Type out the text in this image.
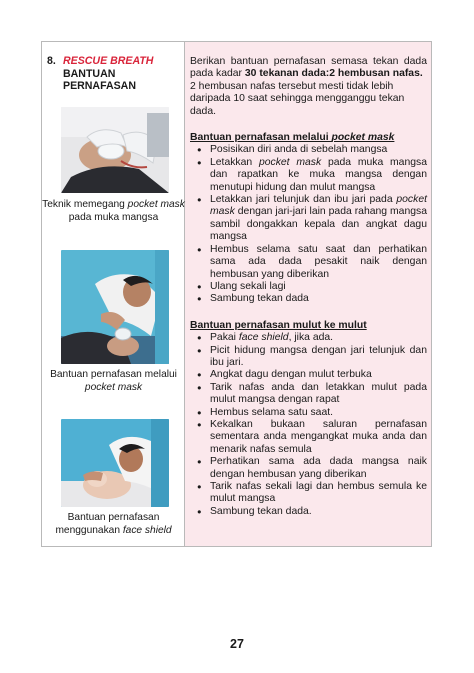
8. RESCUE BREATH
BANTUAN
PERNAFASAN
Teknik memegang pocket mask pada muka mangsa
Bantuan pernafasan melalui pocket mask
Bantuan pernafasan menggunakan face shield

Berikan bantuan pernafasan semasa tekan dada pada kadar 30 tekanan dada:2 hembusan nafas.

2 hembusan nafas tersebut mesti tidak lebih daripada 10 saat sehingga mengganggu tekan dada.

Bantuan pernafasan melalui pocket mask

● Posisikan diri anda di sebelah mangsa
● Letakkan pocket mask pada muka mangsa dan rapatkan ke muka mangsa dengan menutupi hidung dan mulut mangsa
● Letakkan jari telunjuk dan ibu jari pada pocket mask dengan jari-jari lain pada rahang mangsa sambil dongakkan kepala dan angkat dagu mangsa
● Hembus selama satu saat dan perhatikan sama ada dada pesakit naik dengan hembusan yang diberikan
● Ulang sekali lagi
● Sambung tekan dada

Bantuan pernafasan mulut ke mulut

● Pakai face shield, jika ada.
● Picit hidung mangsa dengan jari telunjuk dan ibu jari.
● Angkat dagu dengan mulut terbuka
● Tarik nafas anda dan letakkan mulut pada mulut mangsa dengan rapat
● Hembus selama satu saat.
● Kekalkan bukaan saluran pernafasan sementara anda mengangkat muka anda dan menarik nafas semula
● Perhatikan sama ada dada mangsa naik dengan hembusan yang diberikan
● Tarik nafas sekali lagi dan hembus semula ke mulut mangsa
● Sambung tekan dada.
27
